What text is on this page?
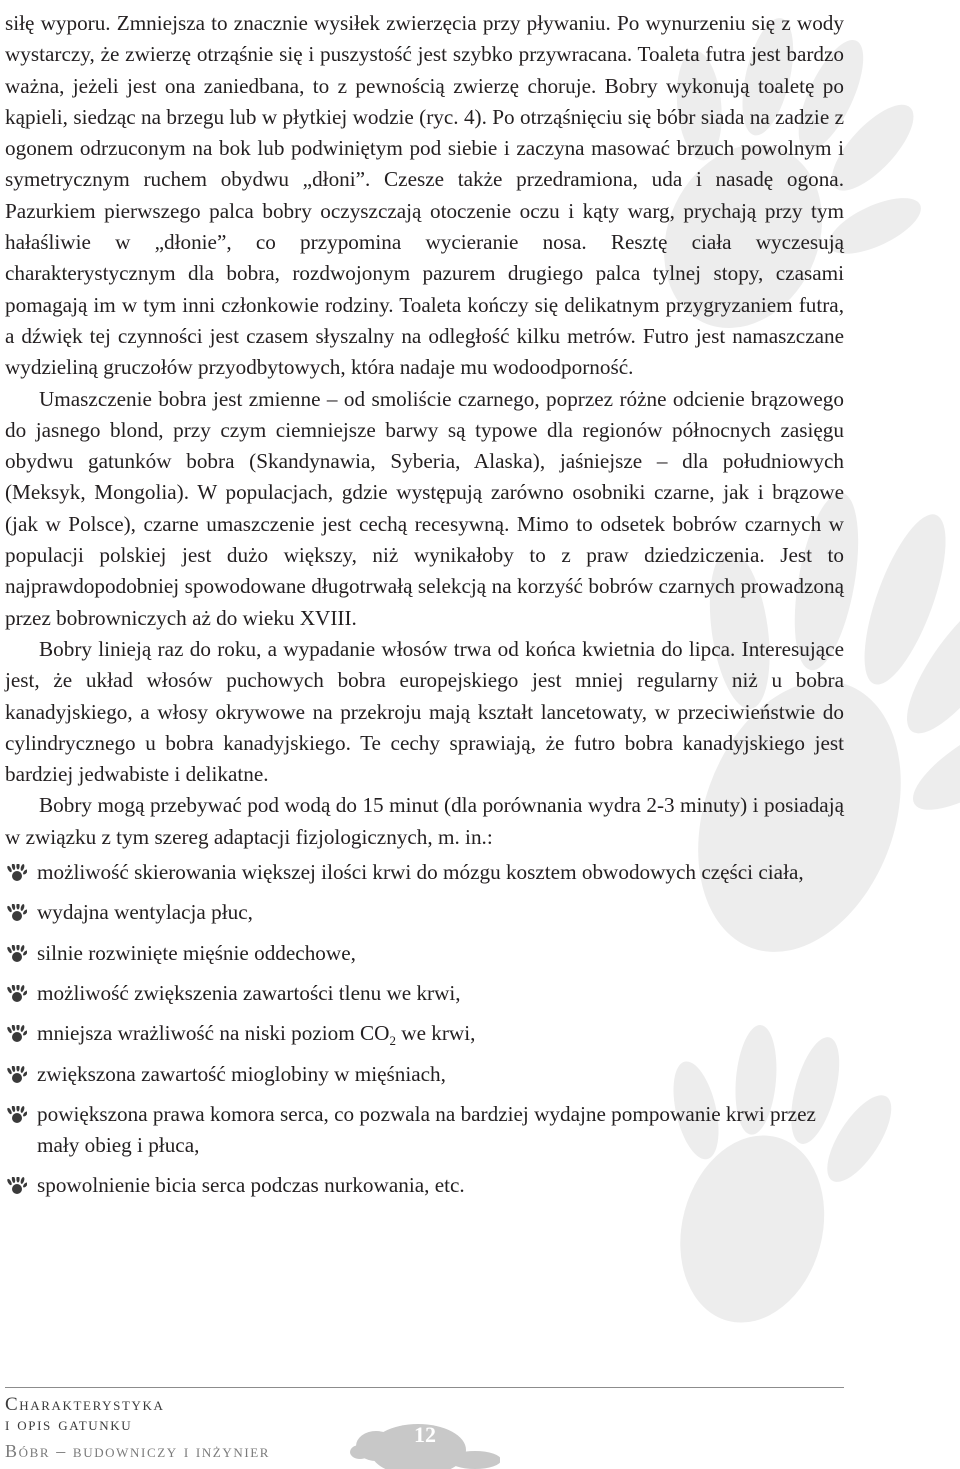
siłę wyporu. Zmniejsza to znacznie wysiłek zwierzęcia przy pływaniu. Po wynurzeniu się z wody wystarczy, że zwierzę otrząśnie się i puszystość jest szybko przywracana. Toaleta futra jest bardzo ważna, jeżeli jest ona zaniedbana, to z pewnością zwierzę choruje. Bobry wykonują toaletę po kąpieli, siedząc na brzegu lub w płytkiej wodzie (ryc. 4). Po otrząśnięciu się bóbr siada na zadzie z ogonem odrzuconym na bok lub podwiniętym pod siebie i zaczyna masować brzuch powolnym i symetrycznym ruchem obydwu „dłoni”. Czesze także przedramiona, uda i nasadę ogona. Pazurkiem pierwszego palca bobry oczyszczają otoczenie oczu i kąty warg, prychają przy tym hałaśliwie w „dłonie”, co przypomina wycieranie nosa. Resztę ciała wyczesują charakterystycznym dla bobra, rozdwojonym pazurem drugiego palca tylnej stopy, czasami pomagają im w tym inni członkowie rodziny. Toaleta kończy się delikatnym przygryzaniem futra, a dźwięk tej czynności jest czasem słyszalny na odległość kilku metrów. Futro jest namaszczane wydzieliną gruczołów przyodbytowych, która nadaje mu wodoodporność.

Umaszczenie bobra jest zmienne – od smoliście czarnego, poprzez różne odcienie brązowego do jasnego blond, przy czym ciemniejsze barwy są typowe dla regionów północnych zasięgu obydwu gatunków bobra (Skandynawia, Syberia, Alaska), jaśniejsze – dla południowych (Meksyk, Mongolia). W populacjach, gdzie występują zarówno osobniki czarne, jak i brązowe (jak w Polsce), czarne umaszczenie jest cechą recesywną. Mimo to odsetek bobrów czarnych w populacji polskiej jest dużo większy, niż wynikałoby to z praw dziedziczenia. Jest to najprawdopodobniej spowodowane długotrwałą selekcją na korzyść bobrów czarnych prowadzoną przez bobrowniczych aż do wieku XVIII.

Bobry linieją raz do roku, a wypadanie włosów trwa od końca kwietnia do lipca. Interesujące jest, że układ włosów puchowych bobra europejskiego jest mniej regularny niż u bobra kanadyjskiego, a włosy okrywowe na przekroju mają kształt lancetowaty, w przeciwieństwie do cylindrycznego u bobra kanadyjskiego. Te cechy sprawiają, że futro bobra kanadyjskiego jest bardziej jedwabiste i delikatne.

Bobry mogą przebywać pod wodą do 15 minut (dla porównania wydra 2-3 minuty) i posiadają w związku z tym szereg adaptacji fizjologicznych, m. in.:

możliwość skierowania większej ilości krwi do mózgu kosztem obwodowych części ciała,
wydajna wentylacja płuc,
silnie rozwinięte mięśnie oddechowe,
możliwość zwiększenia zawartości tlenu we krwi,
mniejsza wrażliwość na niski poziom $CO_2$ we krwi,
zwiększona zawartość mioglobiny w mięśniach,
powiększona prawa komora serca, co pozwala na bardziej wydajne pompowanie krwi przez mały obieg i płuca,
spowolnienie bicia serca podczas nurkowania, etc.
Charakterystyka
i opis gatunku
Bóbr – budowniczy i inżynier
12
